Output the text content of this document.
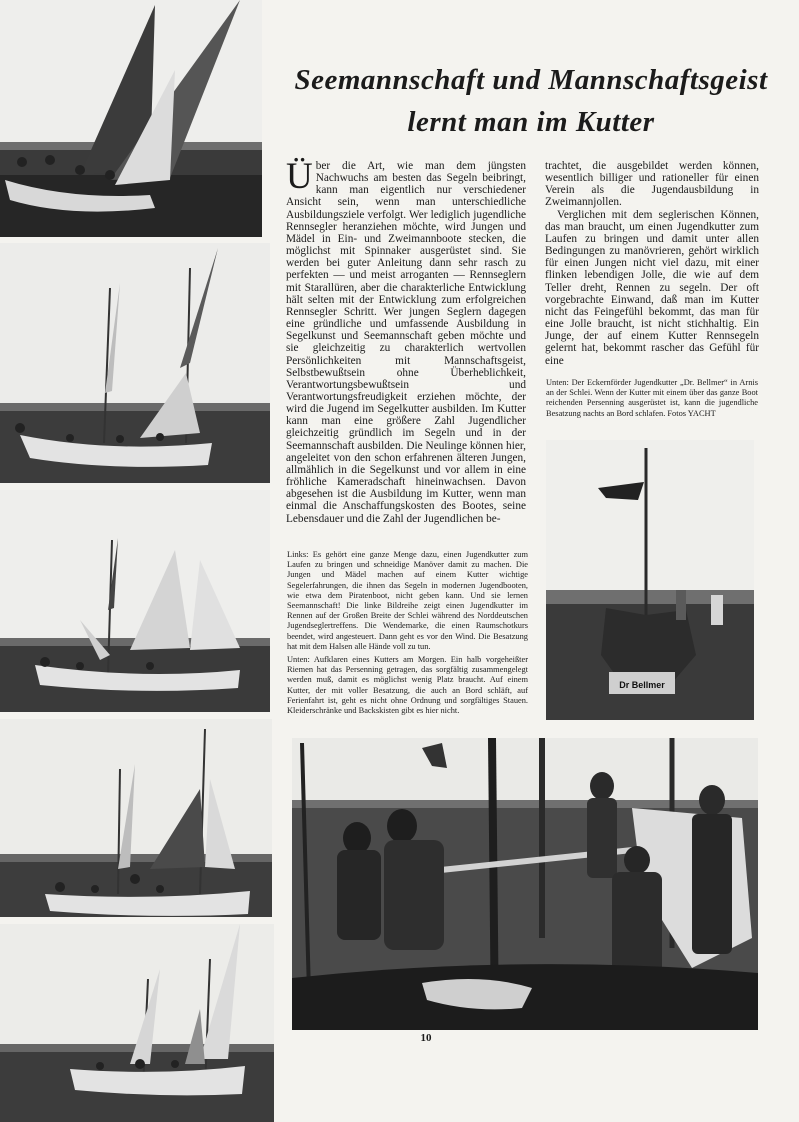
Seemannschaft und Mannschaftsgeist
lernt man im Kutter

Über die Art, wie man dem jüngsten Nachwuchs am besten das Segeln beibringt, kann man eigentlich nur verschiedener Ansicht sein, wenn man unterschiedliche Ausbildungsziele verfolgt. Wer lediglich jugendliche Rennsegler heranziehen möchte, wird Jungen und Mädel in Ein- und Zweimannboote stecken, die möglichst mit Spinnaker ausgerüstet sind. Sie werden bei guter Anleitung dann sehr rasch zu perfekten — und meist arroganten — Rennseglern mit Starallüren, aber die charakterliche Entwicklung hält selten mit der Entwicklung zum erfolgreichen Rennsegler Schritt. Wer jungen Seglern dagegen eine gründliche und umfassende Ausbildung in Segelkunst und Seemannschaft geben möchte und sie gleichzeitig zu charakterlich wertvollen Persönlichkeiten mit Mannschaftsgeist, Selbstbewußtsein ohne Überheblichkeit, Verantwortungsbewußtsein und Verantwortungsfreudigkeit erziehen möchte, der wird die Jugend im Segelkutter ausbilden. Im Kutter kann man eine größere Zahl Jugendlicher gleichzeitig gründlich im Segeln und in der Seemannschaft ausbilden. Die Neulinge können hier, angeleitet von den schon erfahrenen älteren Jungen, allmählich in die Segelkunst und vor allem in eine fröhliche Kameradschaft hineinwachsen. Davon abgesehen ist die Ausbildung im Kutter, wenn man einmal die Anschaffungskosten des Bootes, seine Lebensdauer und die Zahl der Jugendlichen be-

trachtet, die ausgebildet werden können, wesentlich billiger und rationeller für einen Verein als die Jugendausbildung in Zweimannjollen.

Verglichen mit dem seglerischen Können, das man braucht, um einen Jugendkutter zum Laufen zu bringen und damit unter allen Bedingungen zu manövrieren, gehört wirklich für einen Jungen nicht viel dazu, mit einer flinken lebendigen Jolle, die wie auf dem Teller dreht, Rennen zu segeln. Der oft vorgebrachte Einwand, daß man im Kutter nicht das Feingefühl bekommt, das man für eine Jolle braucht, ist nicht stichhaltig. Ein Junge, der auf einem Kutter Rennsegeln gelernt hat, bekommt rascher das Gefühl für eine

Unten: Der Eckernförder Jugendkutter „Dr. Bellmer“ in Arnis an der Schlei. Wenn der Kutter mit einem über das ganze Boot reichenden Persenning ausgerüstet ist, kann die jugendliche Besatzung nachts an Bord schlafen. Fotos YACHT

Links: Es gehört eine ganze Menge dazu, einen Jugendkutter zum Laufen zu bringen und schneidige Manöver damit zu machen. Die Jungen und Mädel machen auf einem Kutter wichtige Segelerfahrungen, die ihnen das Segeln in modernen Jugendbooten, wie etwa dem Piratenboot, nicht geben kann. Und sie lernen Seemannschaft! Die linke Bildreihe zeigt einen Jugendkutter im Rennen auf der Großen Breite der Schlei während des Norddeutschen Jugendseglertreffens. Die Wendemarke, die einen Raumschotkurs beendet, wird angesteuert. Dann geht es vor den Wind. Die Besatzung hat mit dem Halsen alle Hände voll zu tun.

Unten: Aufklaren eines Kutters am Morgen. Ein halb vorgeheißter Riemen hat das Persenning getragen, das sorgfältig zusammengelegt werden muß, damit es möglichst wenig Platz braucht. Auf einem Kutter, der mit voller Besatzung, die auch an Bord schläft, auf Ferienfahrt ist, geht es nicht ohne Ordnung und sorgfältiges Stauen. Kleiderschränke und Backskisten gibt es hier nicht.

Dr Bellmer
10
